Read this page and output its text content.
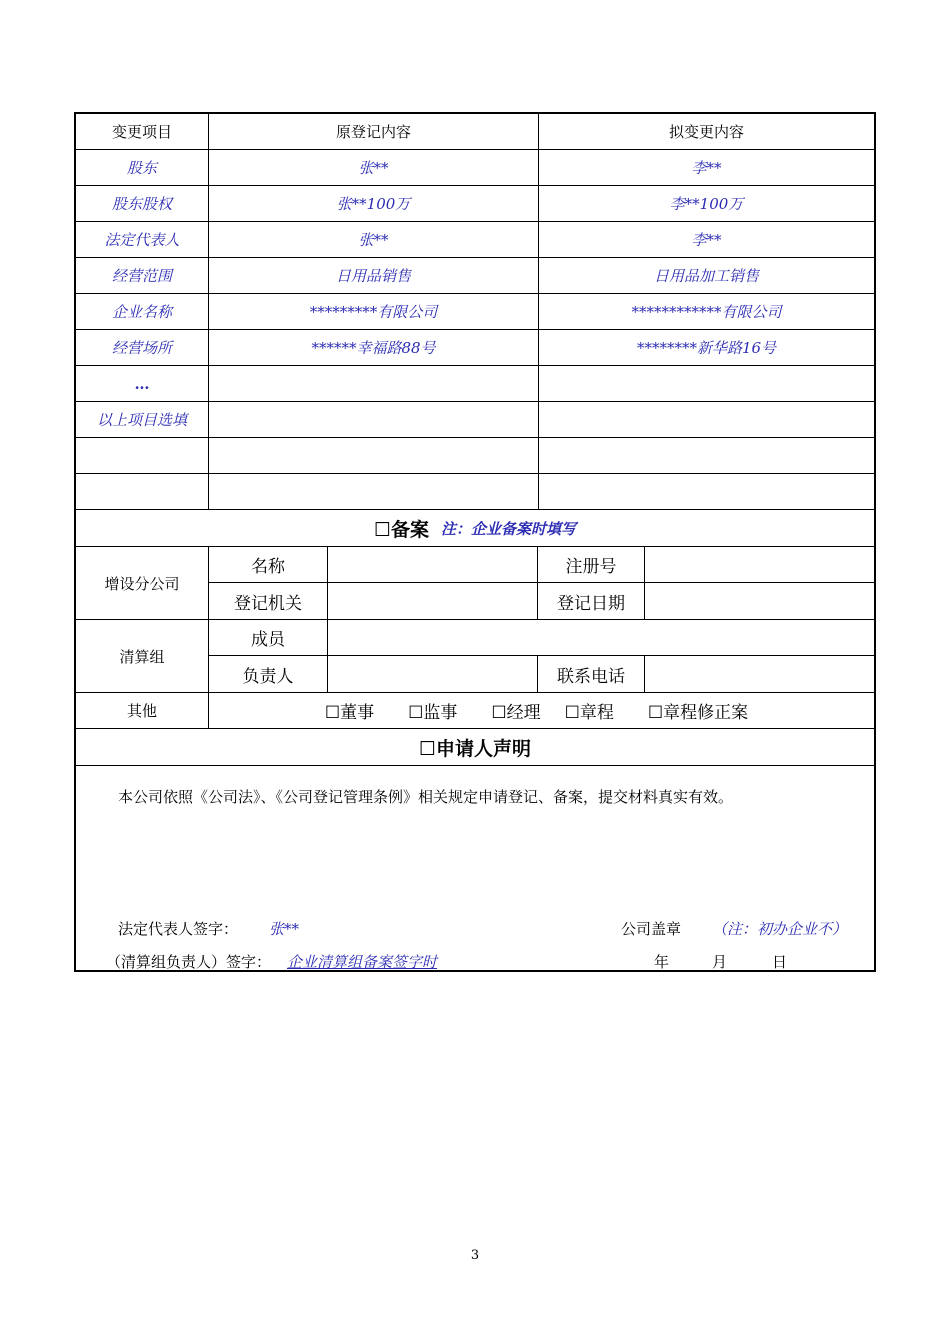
变更项目	原登记内容	拟变更内容
股东	张**	李**
股东股权	张**100万	李**100万
法定代表人	张**	李**
经营范围	日用品销售	日用品加工销售
企业名称	*********有限公司	************有限公司
经营场所	******幸福路88号	********新华路16号
…
以上项目选填
☐备案 注：企业备案时填写
增设分公司
名称	注册号
登记机关	登记日期
清算组
成员
负责人	联系电话
其他	☐董事 ☐监事 ☐经理 ☐章程 ☐章程修正案
☐申请人声明
本公司依照《公司法》、《公司登记管理条例》相关规定申请登记、备案，提交材料真实有效。
法定代表人签字： 张**	公司盖章 （注：初办企业不）
（清算组负责人）签字： 企业清算组备案签字时	年	月	日
3
